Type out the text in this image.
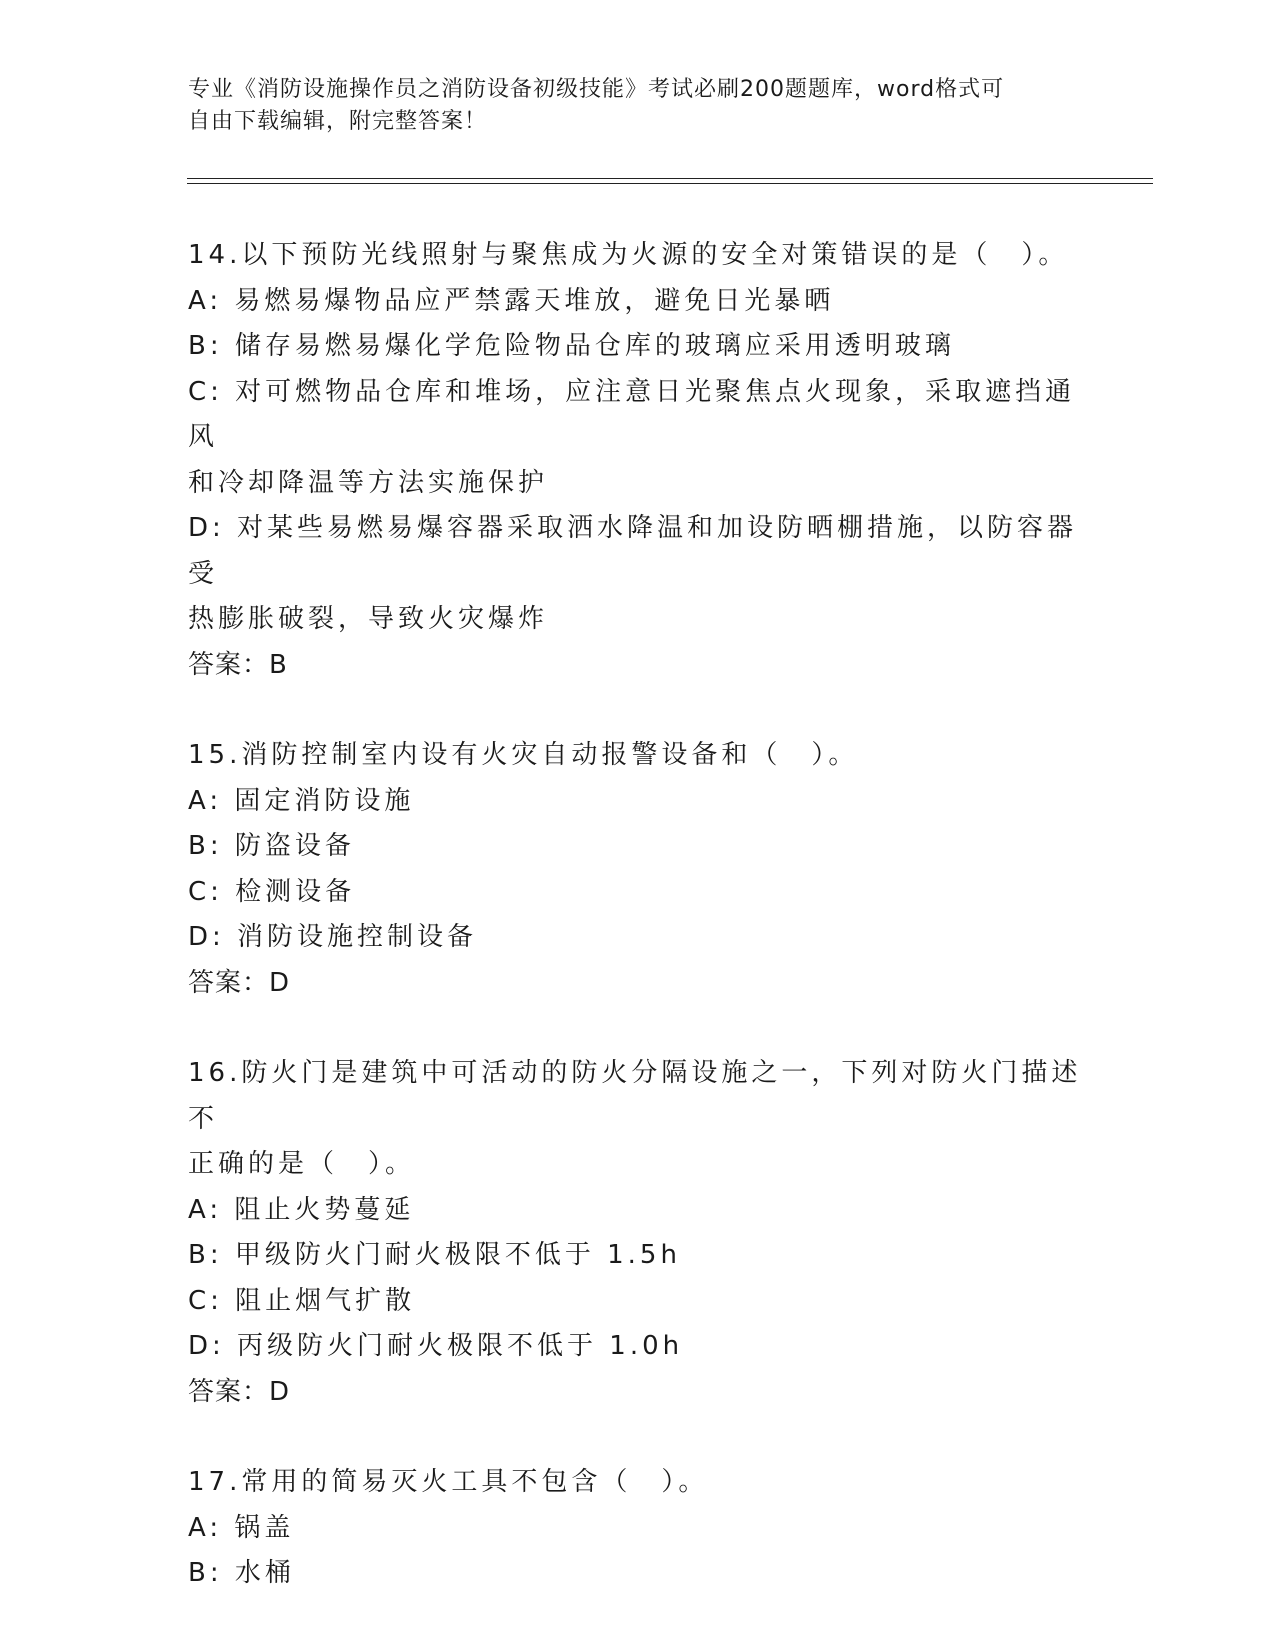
专业《消防设施操作员之消防设备初级技能》考试必刷200题题库，word格式可
自由下载编辑，附完整答案！
14.以下预防光线照射与聚焦成为火源的安全对策错误的是（　）。
A: 易燃易爆物品应严禁露天堆放，避免日光暴晒
B: 储存易燃易爆化学危险物品仓库的玻璃应采用透明玻璃
C: 对可燃物品仓库和堆场，应注意日光聚焦点火现象，采取遮挡通风
和冷却降温等方法实施保护
D: 对某些易燃易爆容器采取洒水降温和加设防晒棚措施，以防容器受
热膨胀破裂，导致火灾爆炸
答案：B
15.消防控制室内设有火灾自动报警设备和（　）。
A: 固定消防设施
B: 防盗设备
C: 检测设备
D: 消防设施控制设备
答案：D
16.防火门是建筑中可活动的防火分隔设施之一，下列对防火门描述不
正确的是（　）。
A: 阻止火势蔓延
B: 甲级防火门耐火极限不低于 1.5h
C: 阻止烟气扩散
D: 丙级防火门耐火极限不低于 1.0h
答案：D
17.常用的简易灭火工具不包含（　）。
A: 锅盖
B: 水桶
